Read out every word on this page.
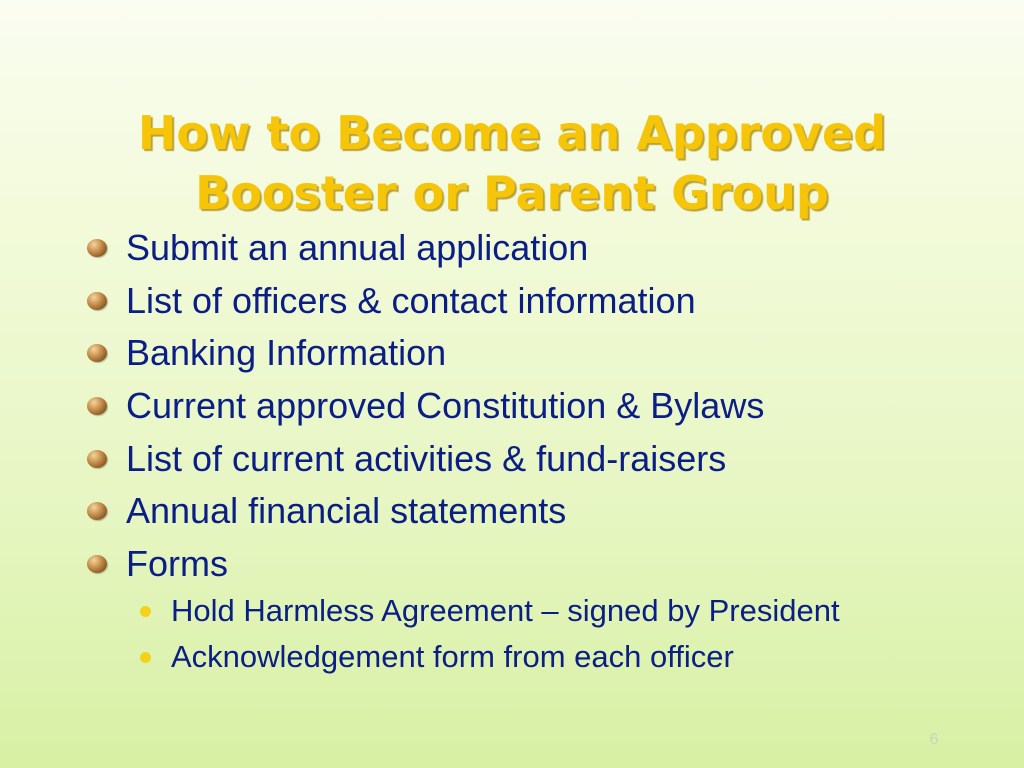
How to Become an Approved
Booster or Parent Group
Submit an annual application
List of officers & contact information
Banking Information
Current approved Constitution & Bylaws
List of current activities & fund-raisers
Annual financial statements
Forms
Hold Harmless Agreement – signed by President
Acknowledgement form from each officer
6
